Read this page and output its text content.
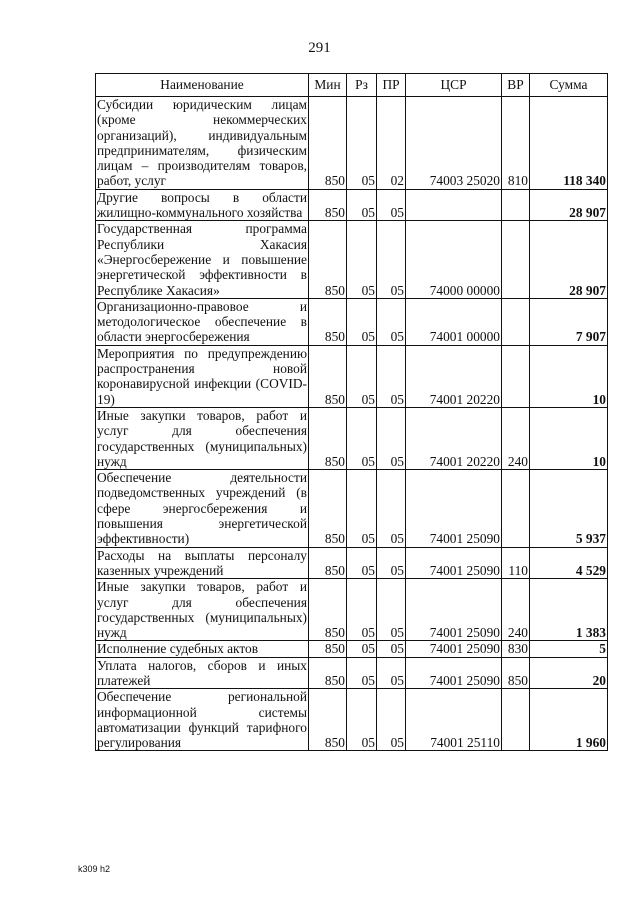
291
Наименование	Мин	Рз	ПР	ЦСР	ВР	Сумма
Субсидии юридическим лицам (кроме некоммерческих организаций), индивидуальным предпринимателям, физическим лицам – производителям товаров, работ, услуг	850	05	02	74003 25020	810	118 340
Другие вопросы в области жилищно-коммунального хозяйства	850	05	05			28 907
Государственная программа Республики Хакасия «Энергосбережение и повышение энергетической эффективности в Республике Хакасия»	850	05	05	74000 00000		28 907
Организационно-правовое и методологическое обеспечение в области энергосбережения	850	05	05	74001 00000		7 907
Мероприятия по предупреждению распространения новой коронавирусной инфекции (COVID-19)	850	05	05	74001 20220		10
Иные закупки товаров, работ и услуг для обеспечения государственных (муниципальных) нужд	850	05	05	74001 20220	240	10
Обеспечение деятельности подведомственных учреждений (в сфере энергосбережения и повышения энергетической эффективности)	850	05	05	74001 25090		5 937
Расходы на выплаты персоналу казенных учреждений	850	05	05	74001 25090	110	4 529
Иные закупки товаров, работ и услуг для обеспечения государственных (муниципальных) нужд	850	05	05	74001 25090	240	1 383
Исполнение судебных актов	850	05	05	74001 25090	830	5
Уплата налогов, сборов и иных платежей	850	05	05	74001 25090	850	20
Обеспечение региональной информационной системы автоматизации функций тарифного регулирования	850	05	05	74001 25110		1 960
k309 h2
